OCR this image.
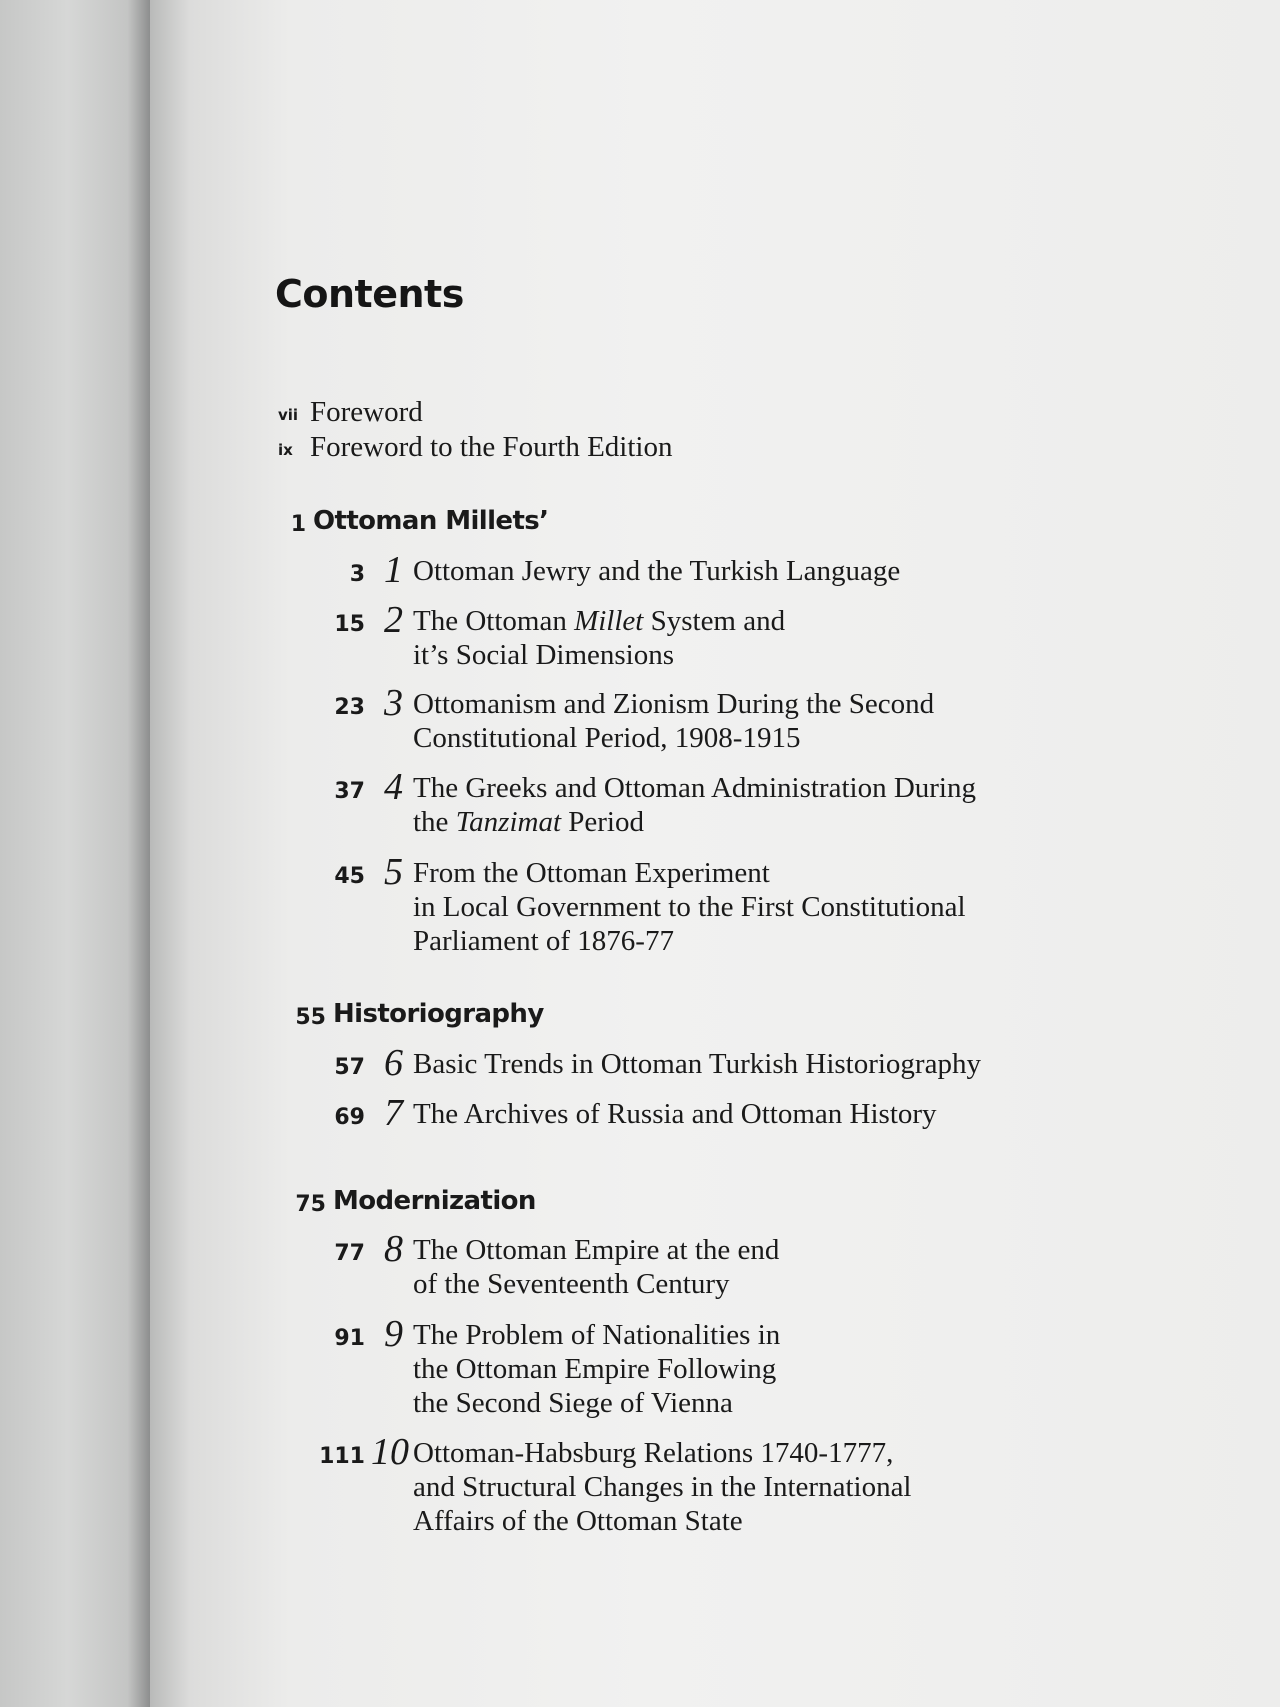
Contents
vii Foreword
ix Foreword to the Fourth Edition
1 Ottoman Millets’
3 1 Ottoman Jewry and the Turkish Language
15 2 The Ottoman Millet System and
it’s Social Dimensions
23 3 Ottomanism and Zionism During the Second
Constitutional Period, 1908-1915
37 4 The Greeks and Ottoman Administration During
the Tanzimat Period
45 5 From the Ottoman Experiment
in Local Government to the First Constitutional
Parliament of 1876-77
55 Historiography
57 6 Basic Trends in Ottoman Turkish Historiography
69 7 The Archives of Russia and Ottoman History
75 Modernization
77 8 The Ottoman Empire at the end
of the Seventeenth Century
91 9 The Problem of Nationalities in
the Ottoman Empire Following
the Second Siege of Vienna
111 10 Ottoman-Habsburg Relations 1740-1777,
and Structural Changes in the International
Affairs of the Ottoman State
